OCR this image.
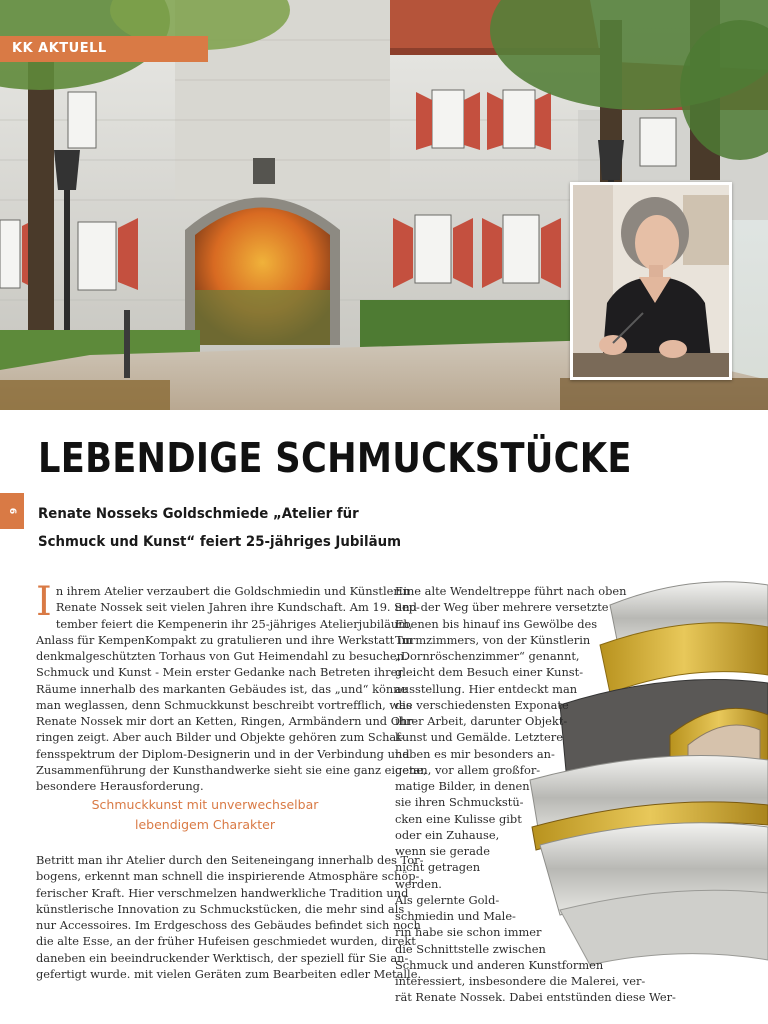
KK AKTUELL
6
LEBENDIGE SCHMUCKSTÜCKE
Renate Nosseks Goldschmiede „Atelier für
Schmuck und Kunst“ feiert 25-jähriges Jubiläum
I n ihrem Atelier verzaubert die Goldschmiedin und Künstlerin
Renate Nossek seit vielen Jahren ihre Kundschaft. Am 19. Sep-
tember feiert die Kempenerin ihr 25-jähriges Atelierjubiläum,
Anlass für KempenKompakt zu gratulieren und ihre Werkstatt im
denkmalgeschützten Torhaus von Gut Heimendahl zu besuchen.
Schmuck und Kunst - Mein erster Gedanke nach Betreten ihrer
Räume innerhalb des markanten Gebäudes ist, das „und“ könne
man weglassen, denn Schmuckkunst beschreibt vortrefflich, was
Renate Nossek mir dort an Ketten, Ringen, Armbändern und Ohr-
ringen zeigt. Aber auch Bilder und Objekte gehören zum Schaf-
fensspektrum der Diplom-Designerin und in der Verbindung und
Zusammenführung der Kunsthandwerke sieht sie eine ganz eigene,
besondere Herausforderung.
Schmuckkunst mit unverwechselbar
lebendigem Charakter
Betritt man ihr Atelier durch den Seiteneingang innerhalb des Tor-
bogens, erkennt man schnell die inspirierende Atmosphäre schöp-
ferischer Kraft. Hier verschmelzen handwerkliche Tradition und
künstlerische Innovation zu Schmuckstücken, die mehr sind als
nur Accessoires. Im Erdgeschoss des Gebäudes befindet sich noch
die alte Esse, an der früher Hufeisen geschmiedet wurden, direkt
daneben ein beeindruckender Werktisch, der speziell für Sie an-
gefertigt wurde. mit vielen Geräten zum Bearbeiten edler Metalle.
Eine alte Wendeltreppe führt nach oben
und der Weg über mehrere versetzte
Ebenen bis hinauf ins Gewölbe des
Turmzimmers, von der Künstlerin
„Dornröschenzimmer“ genannt,
gleicht dem Besuch einer Kunst-
ausstellung. Hier entdeckt man
die verschiedensten Exponate
ihrer Arbeit, darunter Objekt-
kunst und Gemälde. Letztere
haben es mir besonders an-
getan, vor allem großfor-
matige Bilder, in denen
sie ihren Schmuckstü-
cken eine Kulisse gibt
oder ein Zuhause,
wenn sie gerade
nicht getragen
werden.
Als gelernte Gold-
schmiedin und Male-
rin habe sie schon immer
die Schnittstelle zwischen
Schmuck und anderen Kunstformen
interessiert, insbesondere die Malerei, ver-
rät Renate Nossek. Dabei entstünden diese Wer-
